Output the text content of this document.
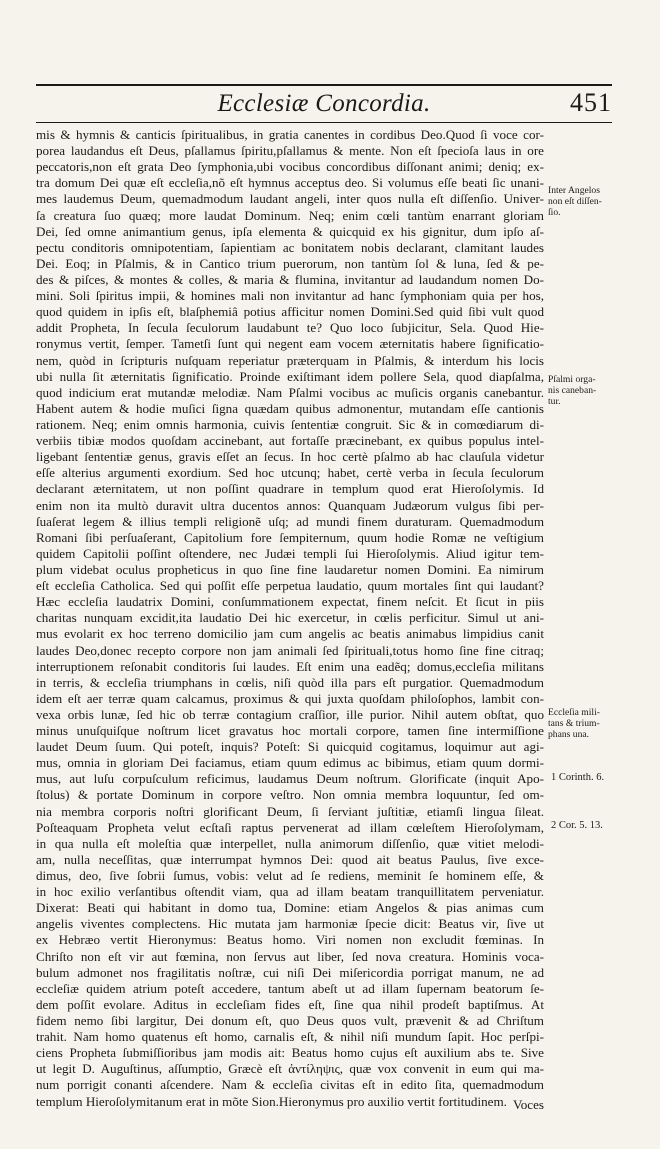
Ecclesiæ Concordia.	451
mis & hymnis & canticis ſpiritualibus, in gratia canentes in cordibus Deo.Quod ſi voce cor-
porea laudandus eſt Deus, pſallamus ſpiritu,pſallamus & mente. Non eſt ſpecioſa laus in ore
peccatoris,non eſt grata Deo ſymphonia,ubi vocibus concordibus diſſonant animi; deniq; ex-
tra domum Dei quæ eſt eccleſia,nõ eſt hymnus acceptus deo. Si volumus eſſe beati ſic unani-
mes laudemus Deum, quemadmodum laudant angeli, inter quos nulla eſt diſſenſio. Univer-
ſa creatura ſuo quæq; more laudat Dominum. Neq; enim cœli tantùm enarrant gloriam
Dei, ſed omne animantium genus, ipſa elementa & quicquid ex his gignitur, dum ipſo aſ-
pectu conditoris omnipotentiam, ſapientiam ac bonitatem nobis declarant, clamitant laudes
Dei. Eoq; in Pſalmis, & in Cantico trium puerorum, non tantùm ſol & luna, ſed & pe-
des & piſces, & montes & colles, & maria & flumina, invitantur ad laudandum nomen Do-
mini. Soli ſpiritus impii, & homines mali non invitantur ad hanc ſymphoniam quia per hos,
quod quidem in ipſis eſt, blaſphemiâ potius afficitur nomen Domini.Sed quid ſibi vult quod
addit Propheta, In ſecula ſeculorum laudabunt te? Quo loco ſubjicitur, Sela. Quod Hie-
ronymus vertit, ſemper. Tametſi ſunt qui negent eam vocem æternitatis habere ſignificatio-
nem, quòd in ſcripturis nuſquam reperiatur præterquam in Pſalmis, & interdum his locis
ubi nulla ſit æternitatis ſignificatio. Proinde exiſtimant idem pollere Sela, quod diapſalma,
quod indicium erat mutandæ melodiæ. Nam Pſalmi vocibus ac muſicis organis canebantur.
Habent autem & hodie muſici ſigna quædam quibus admonentur, mutandam eſſe cantionis
rationem. Neq; enim omnis harmonia, cuivis ſententiæ congruit. Sic & in comœdiarum di-
verbiis tibiæ modos quoſdam accinebant, aut fortaſſe præcinebant, ex quibus populus intel-
ligebant ſententiæ genus, gravis eſſet an ſecus. In hoc certè pſalmo ab hac clauſula videtur
eſſe alterius argumenti exordium. Sed hoc utcunq; habet, certè verba in ſecula ſeculorum
declarant æternitatem, ut non poſſint quadrare in templum quod erat Hieroſolymis. Id
enim non ita multò duravit ultra ducentos annos: Quanquam Judæorum vulgus ſibi per-
ſuaſerat legem & illius templi religionẽ uſq; ad mundi finem duraturam. Quemadmodum
Romani ſibi perſuaſerant, Capitolium fore ſempiternum, quum hodie Romæ ne veſtigium
quidem Capitolii poſſint oſtendere, nec Judæi templi ſui Hieroſolymis. Aliud igitur tem-
plum videbat oculus propheticus in quo ſine fine laudaretur nomen Domini. Ea nimirum
eſt eccleſia Catholica. Sed qui poſſit eſſe perpetua laudatio, quum mortales ſint qui laudant?
Hæc eccleſia laudatrix Domini, conſummationem expectat, finem neſcit. Et ſicut in piis
charitas nunquam excidit,ita laudatio Dei hic exercetur, in cœlis perficitur. Simul ut ani-
mus evolarit ex hoc terreno domicilio jam cum angelis ac beatis animabus limpidius canit
laudes Deo,donec recepto corpore non jam animali ſed ſpirituali,totus homo ſine fine citraq;
interruptionem reſonabit conditoris ſui laudes. Eſt enim una eadẽq; domus,eccleſia militans
in terris, & eccleſia triumphans in cœlis, niſi quòd illa pars eſt purgatior. Quemadmodum
idem eſt aer terræ quam calcamus, proximus & qui juxta quoſdam philoſophos, lambit con-
vexa orbis lunæ, ſed hic ob terræ contagium craſſior, ille purior. Nihil autem obſtat, quo
minus unuſquiſque noſtrum licet gravatus hoc mortali corpore, tamen ſine intermiſſione
laudet Deum ſuum. Qui poteſt, inquis? Poteſt: Si quicquid cogitamus, loquimur aut agi-
mus, omnia in gloriam Dei faciamus, etiam quum edimus ac bibimus, etiam quum dormi-
mus, aut luſu corpuſculum reficimus, laudamus Deum noſtrum. Glorificate (inquit Apo-
ſtolus) & portate Dominum in corpore veſtro. Non omnia membra loquuntur, ſed om-
nia membra corporis noſtri glorificant Deum, ſi ſerviant juſtitiæ, etiamſi lingua ſileat.
Poſteaquam Propheta velut ecſtaſi raptus pervenerat ad illam cœleſtem Hieroſolymam,
in qua nulla eſt moleſtia quæ interpellet, nulla animorum diſſenſio, quæ vitiet melodi-
am, nulla neceſſitas, quæ interrumpat hymnos Dei: quod ait beatus Paulus, ſive exce-
dimus, deo, ſive ſobrii ſumus, vobis: velut ad ſe rediens, meminit ſe hominem eſſe, &
in hoc exilio verſantibus oſtendit viam, qua ad illam beatam tranquillitatem perveniatur.
Dixerat: Beati qui habitant in domo tua, Domine: etiam Angelos & pias animas cum
angelis viventes complectens. Hic mutata jam harmoniæ ſpecie dicit: Beatus vir, ſive ut
ex Hebræo vertit Hieronymus: Beatus homo. Viri nomen non excludit fœminas. In
Chriſto non eſt vir aut fœmina, non ſervus aut liber, ſed nova creatura. Hominis voca-
bulum admonet nos fragilitatis noſtræ, cui niſi Dei miſericordia porrigat manum, ne ad
eccleſiæ quidem atrium poteſt accedere, tantum abeſt ut ad illam ſupernam beatorum ſe-
dem poſſit evolare. Aditus in eccleſiam fides eſt, ſine qua nihil prodeſt baptiſmus. At
fidem nemo ſibi largitur, Dei donum eſt, quo Deus quos vult, prævenit & ad Chriſtum
trahit. Nam homo quatenus eſt homo, carnalis eſt, & nihil niſi mundum ſapit. Hoc perſpi-
ciens Propheta ſubmiſſioribus jam modis ait: Beatus homo cujus eſt auxilium abs te. Sive
ut legit D. Auguſtinus, aſſumptio, Græcè eſt ἀντίληψις, quæ vox convenit in eum qui ma-
num porrigit conanti aſcendere. Nam & eccleſia civitas eſt in edito ſita, quemadmodum
templum Hieroſolymitanum erat in mõte Sion.Hieronymus pro auxilio vertit fortitudinem. Voces
Inter Angelos
non eſt diſſen-
ſio.
Pſalmi orga-
nis caneban-
tur.
Eccleſia mili-
tans & trium-
phans una.
1 Corinth. 6.
2 Cor. 5. 13.
